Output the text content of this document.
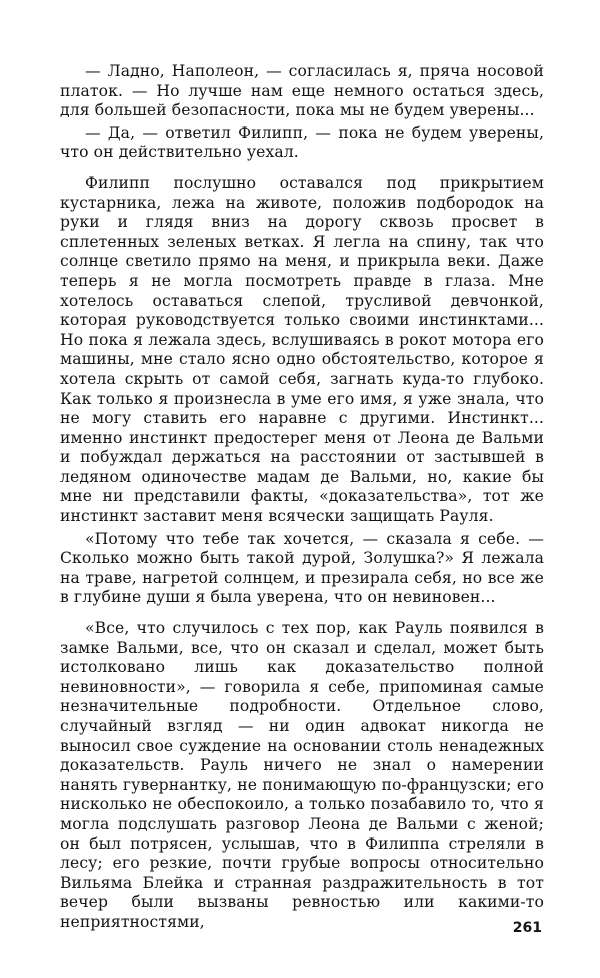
— Ладно, Наполеон, — согласилась я, пряча носовой платок. — Но лучше нам еще немного остаться здесь, для большей безопасности, пока мы не будем уверены...

— Да, — ответил Филипп, — пока не будем уверены, что он действительно уехал.

Филипп послушно оставался под прикрытием кустарника, лежа на животе, положив подбородок на руки и глядя вниз на дорогу сквозь просвет в сплетенных зеленых ветках. Я легла на спину, так что солнце светило прямо на меня, и прикрыла веки. Даже теперь я не могла посмотреть правде в глаза. Мне хотелось оставаться слепой, трусливой девчонкой, которая руководствуется только своими инстинктами... Но пока я лежала здесь, вслушиваясь в рокот мотора его машины, мне стало ясно одно обстоятельство, которое я хотела скрыть от самой себя, загнать куда-то глубоко. Как только я произнесла в уме его имя, я уже знала, что не могу ставить его наравне с другими. Инстинкт... именно инстинкт предостерег меня от Леона де Вальми и побуждал держаться на расстоянии от застывшей в ледяном одиночестве мадам де Вальми, но, какие бы мне ни представили факты, «доказательства», тот же инстинкт заставит меня всячески защищать Рауля.

«Потому что тебе так хочется, — сказала я себе. — Сколько можно быть такой дурой, Золушка?» Я лежала на траве, нагретой солнцем, и презирала себя, но все же в глубине души я была уверена, что он невиновен...

«Все, что случилось с тех пор, как Рауль появился в замке Вальми, все, что он сказал и сделал, может быть истолковано лишь как доказательство полной невиновности», — говорила я себе, припоминая самые незначительные подробности. Отдельное слово, случайный взгляд — ни один адвокат никогда не выносил свое суждение на основании столь ненадежных доказательств. Рауль ничего не знал о намерении нанять гувернантку, не понимающую по-французски; его нисколько не обеспокоило, а только позабавило то, что я могла подслушать разговор Леона де Вальми с женой; он был потрясен, услышав, что в Филиппа стреляли в лесу; его резкие, почти грубые вопросы относительно Вильяма Блейка и странная раздражительность в тот вечер были вызваны ревностью или какими-то неприятностями,	261
